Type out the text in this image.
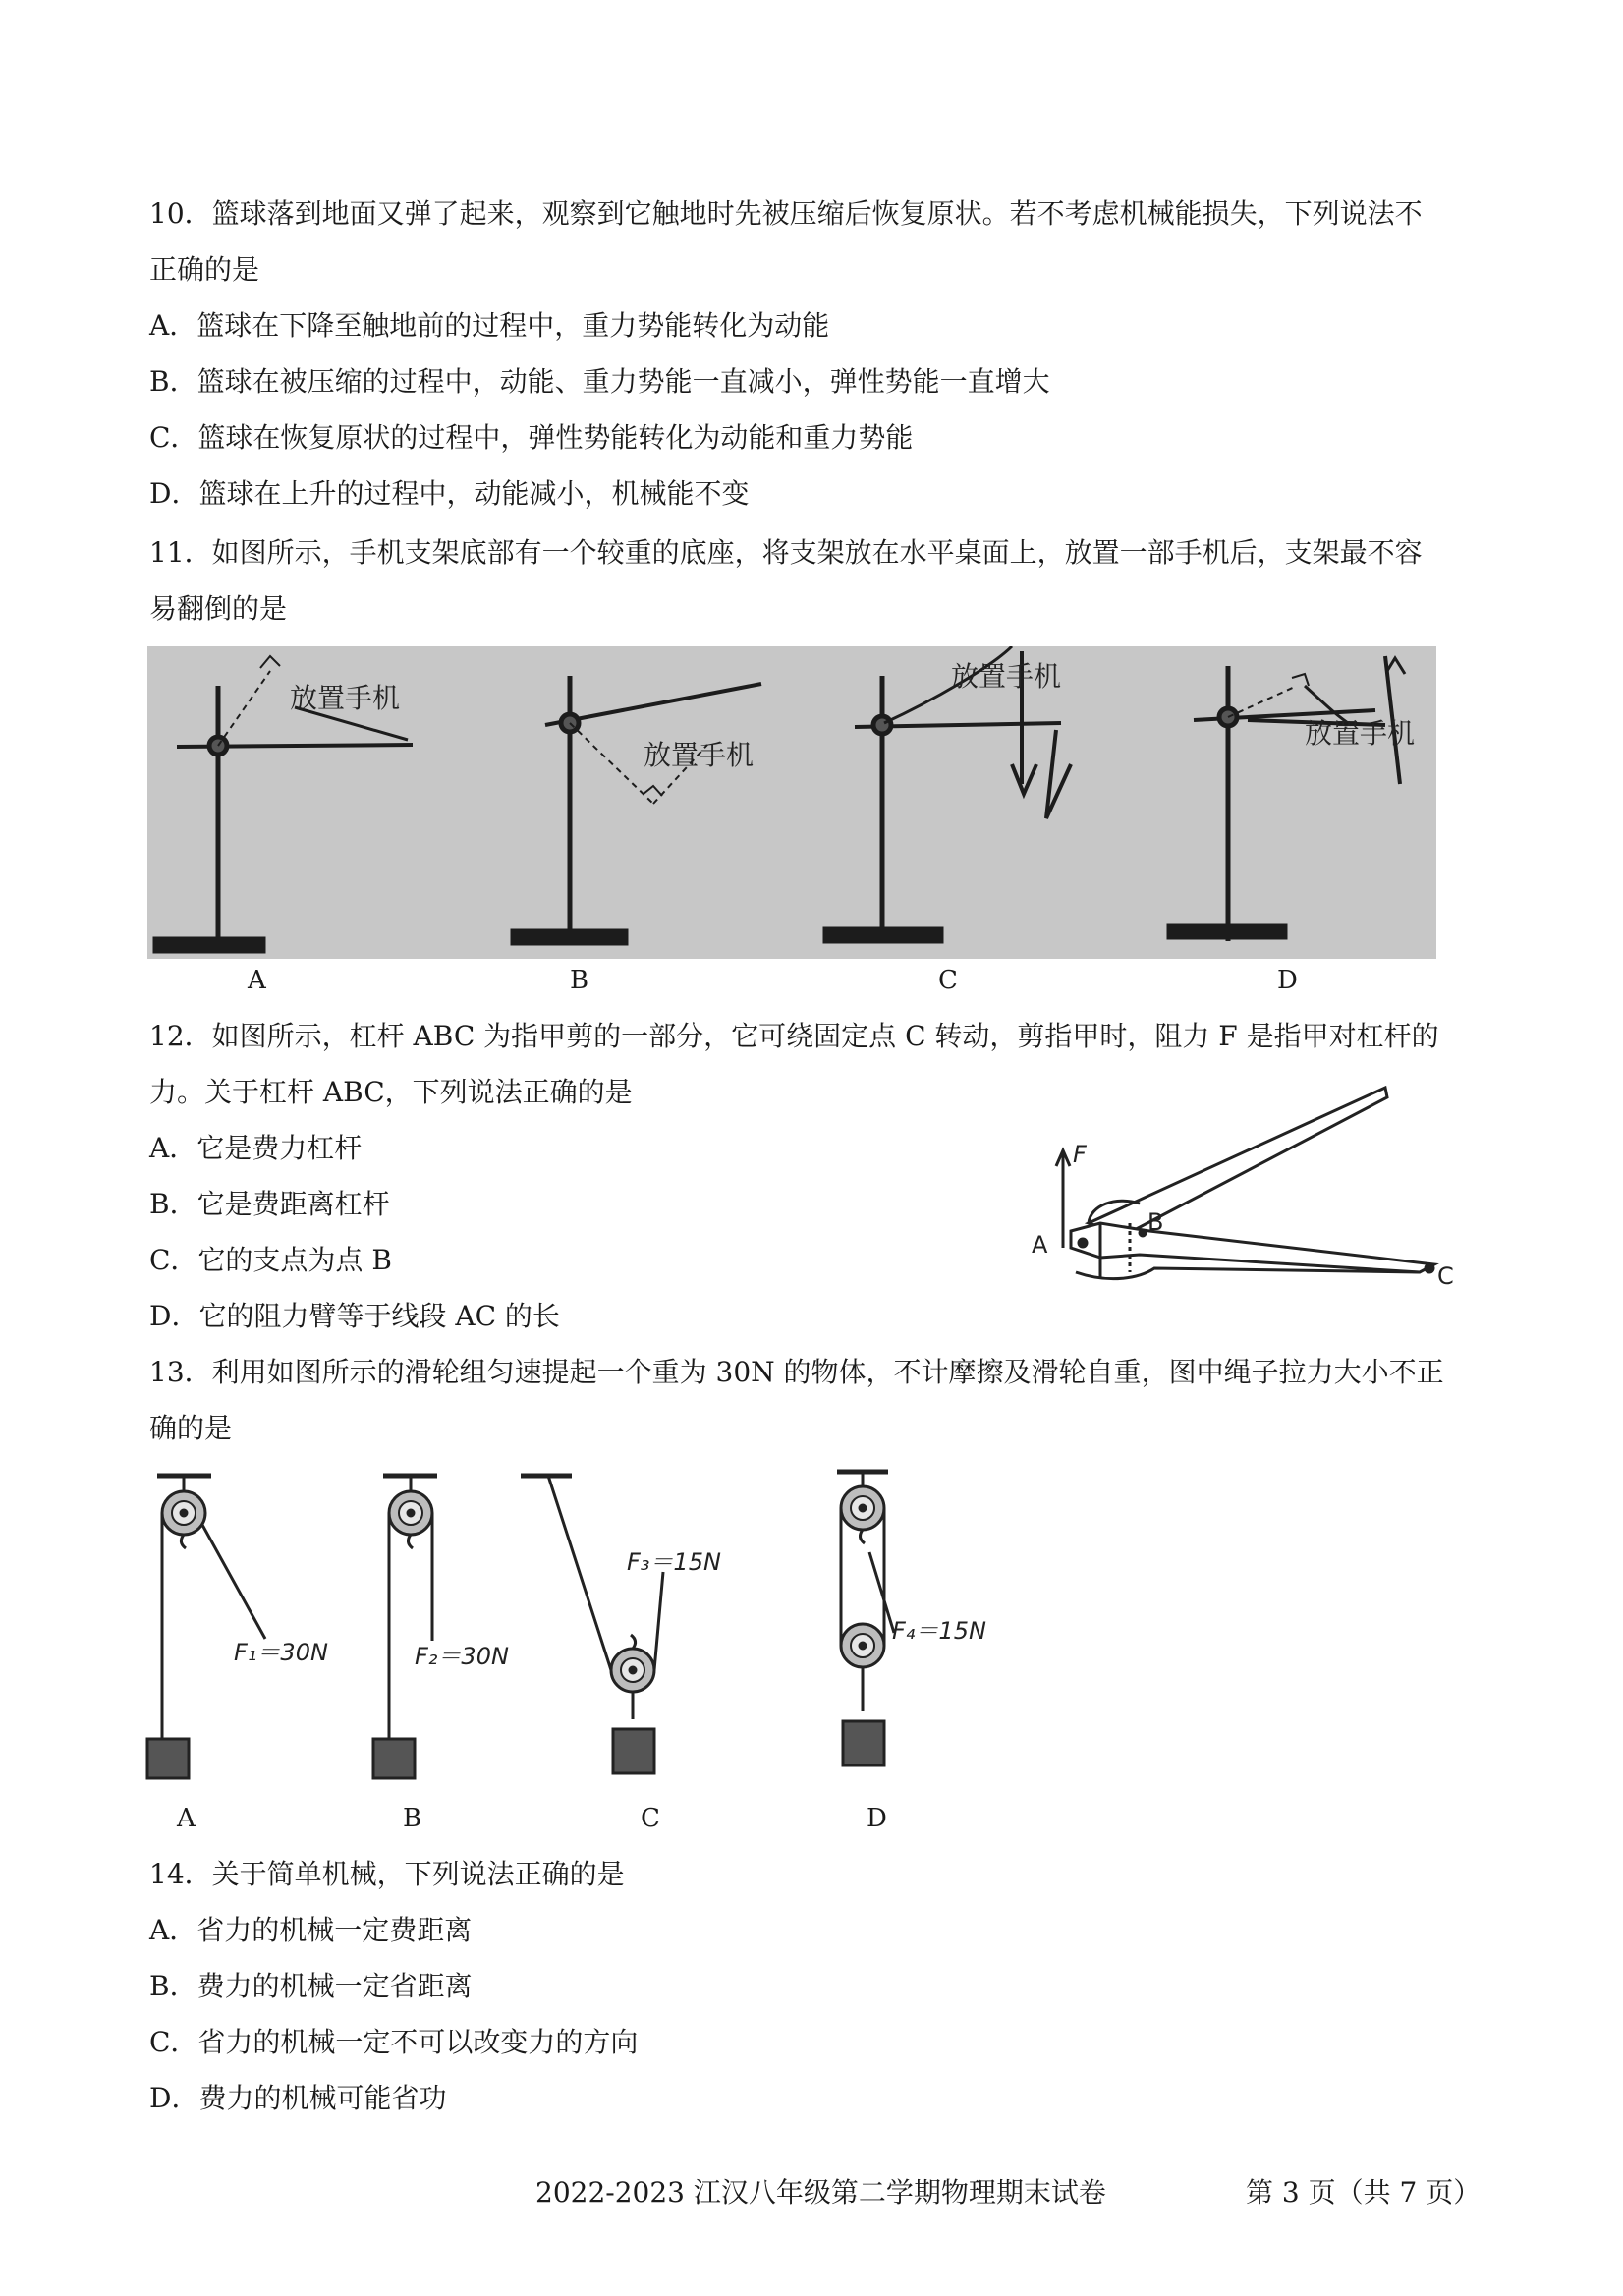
10．篮球落到地面又弹了起来，观察到它触地时先被压缩后恢复原状。若不考虑机械能损失，下列说法不
正确的是
A．篮球在下降至触地前的过程中，重力势能转化为动能
B．篮球在被压缩的过程中，动能、重力势能一直减小，弹性势能一直增大
C．篮球在恢复原状的过程中，弹性势能转化为动能和重力势能
D．篮球在上升的过程中，动能减小，机械能不变
11．如图所示，手机支架底部有一个较重的底座，将支架放在水平桌面上，放置一部手机后，支架最不容
易翻倒的是
放置手机
放置手机
放置手机
放置手机
A	B	C	D
12．如图所示，杠杆 ABC 为指甲剪的一部分，它可绕固定点 C 转动，剪指甲时，阻力 F 是指甲对杠杆的
力。关于杠杆 ABC，下列说法正确的是
A．它是费力杠杆
B．它是费距离杠杆
C．它的支点为点 B
D．它的阻力臂等于线段 AC 的长
F
A
B
C
13．利用如图所示的滑轮组匀速提起一个重为 30N 的物体，不计摩擦及滑轮自重，图中绳子拉力大小不正
确的是
F₁＝30N	F₂＝30N
F₃＝15N
F₄＝15N
A	B	C	D
14．关于简单机械，下列说法正确的是
A．省力的机械一定费距离
B．费力的机械一定省距离
C．省力的机械一定不可以改变力的方向
D．费力的机械可能省功
2022-2023 江汉八年级第二学期物理期末试卷	第 3 页（共 7 页）
